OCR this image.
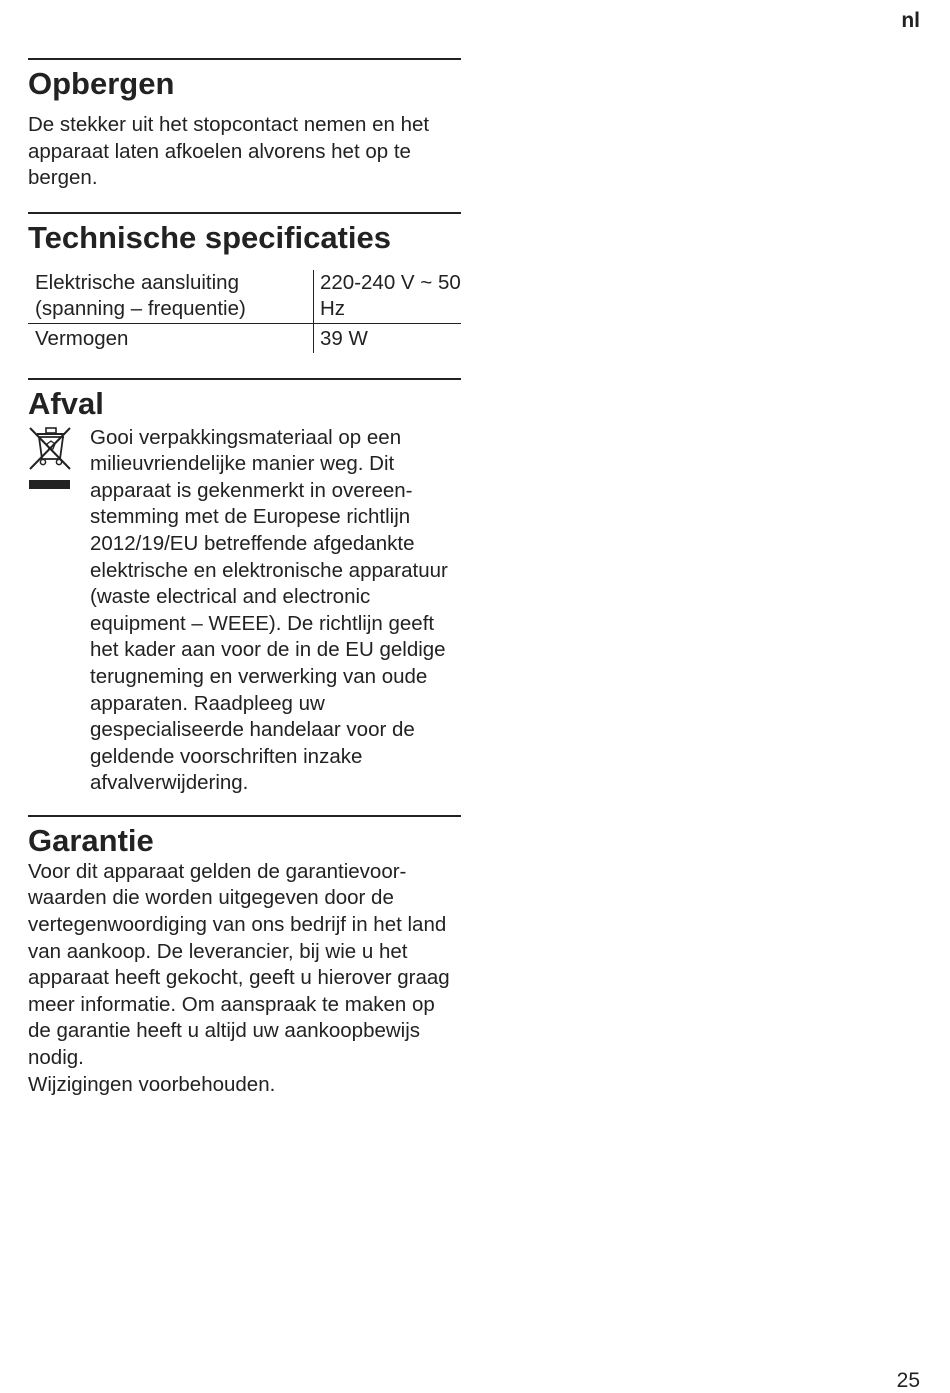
nl
Opbergen

De stekker uit het stopcontact nemen en het apparaat laten afkoelen alvorens het op te bergen.

Technische specificaties
Elektrische aansluiting (spanning – frequentie)	220-240 V ~ 50 Hz
Vermogen	39 W
Afval

Gooi verpakkingsmateriaal op een milieuvriendelijke manier weg. Dit apparaat is gekenmerkt in overeenstemming met de Europese richtlijn 2012/19/EU betreffende afgedankte elektrische en elektronische apparatuur (waste electrical and electronic equipment – WEEE). De richtlijn geeft het kader aan voor de in de EU geldige terugneming en verwerking van oude apparaten. Raadpleeg uw gespecialiseerde handelaar voor de geldende voorschriften inzake afvalverwijdering.

Garantie

Voor dit apparaat gelden de garantievoor-waarden die worden uitgegeven door de vertegenwoordiging van ons bedrijf in het land van aankoop. De leverancier, bij wie u het apparaat heeft gekocht, geeft u hierover graag meer informatie. Om aanspraak te maken op de garantie heeft u altijd uw aankoopbewijs nodig.

Wijzigingen voorbehouden.

25
